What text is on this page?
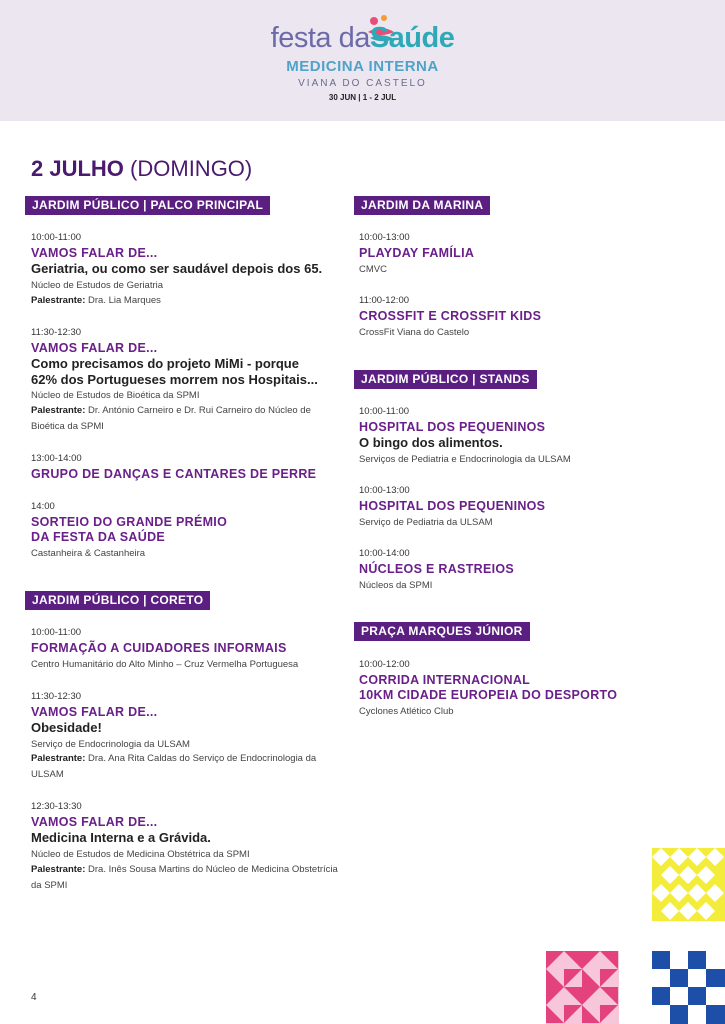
festa daSaúde
MEDICINA INTERNA
VIANA DO CASTELO
30 JUN | 1 - 2 JUL
2 JULHO (DOMINGO)
JARDIM PÚBLICO | PALCO PRINCIPAL
10:00-11:00
VAMOS FALAR DE...
Geriatria, ou como ser saudável depois dos 65.
Núcleo de Estudos de Geriatria
Palestrante: Dra. Lia Marques
11:30-12:30
VAMOS FALAR DE...
Como precisamos do projeto MiMi - porque
62% dos Portugueses morrem nos Hospitais...
Núcleo de Estudos de Bioética da SPMI
Palestrante: Dr. António Carneiro e Dr. Rui Carneiro do Núcleo de Bioética da SPMI
13:00-14:00
GRUPO DE DANÇAS E CANTARES DE PERRE
14:00
SORTEIO DO GRANDE PRÉMIO
DA FESTA DA SAÚDE
Castanheira & Castanheira
JARDIM PÚBLICO | CORETO
10:00-11:00
FORMAÇÃO A CUIDADORES INFORMAIS
Centro Humanitário do Alto Minho – Cruz Vermelha Portuguesa
11:30-12:30
VAMOS FALAR DE...
Obesidade!
Serviço de Endocrinologia da ULSAM
Palestrante: Dra. Ana Rita Caldas do Serviço de Endocrinologia da ULSAM
12:30-13:30
VAMOS FALAR DE...
Medicina Interna e a Grávida.
Núcleo de Estudos de Medicina Obstétrica da SPMI
Palestrante: Dra. Inês Sousa Martins do Núcleo de Medicina Obstetrícia da SPMI
JARDIM DA MARINA
10:00-13:00
PLAYDAY FAMÍLIA
CMVC
11:00-12:00
CROSSFIT E CROSSFIT KIDS
CrossFit Viana do Castelo
JARDIM PÚBLICO | STANDS
10:00-11:00
HOSPITAL DOS PEQUENINOS
O bingo dos alimentos.
Serviços de Pediatria e Endocrinologia da ULSAM
10:00-13:00
HOSPITAL DOS PEQUENINOS
Serviço de Pediatria da ULSAM
10:00-14:00
NÚCLEOS E RASTREIOS
Núcleos da SPMI
PRAÇA MARQUES JÚNIOR
10:00-12:00
CORRIDA INTERNACIONAL
10KM CIDADE EUROPEIA DO DESPORTO
Cyclones Atlético Club
4
